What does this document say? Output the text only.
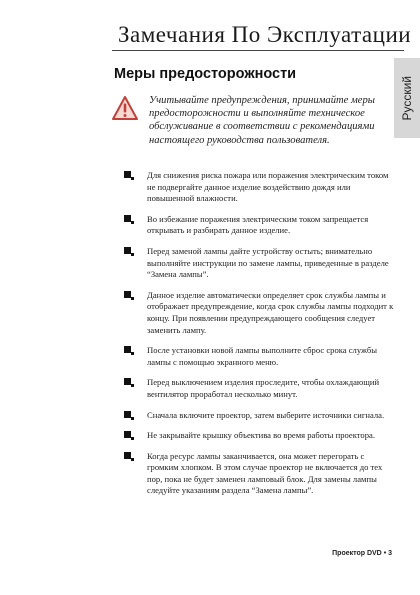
Замечания По Эксплуатации
Русский
Меры предосторожности
Учитывайте предупреждения, принимайте меры предосторожности и выполняйте техническое обслуживание в соответствии с рекомендациями настоящего руководства пользователя.
Для снижения риска пожара или поражения электрическим током не подвергайте данное изделие воздействию дождя или повышенной влажности.
Во избежание поражения электрическим током запрещается открывать и разбирать данное изделие.
Перед заменой лампы дайте устройству остыть; внимательно выполняйте инструкции по замене лампы, приведенные в разделе “Замена лампы”.
Данное изделие автоматически определяет срок службы лампы и отображает предупреждение, когда срок службы лампы подходит к концу. При появлении предупреждающего сообщения следует заменить лампу.
После установки новой лампы выполните сброс срока службы лампы с помощью экранного меню.
Перед выключением изделия проследите, чтобы охлаждающий вентилятор проработал несколько минут.
Сначала включите проектор, затем выберите источники сигнала.
Не закрывайте крышку объектива во время работы проектора.
Когда ресурс лампы заканчивается, она может перегорать с громким хлопком. В этом случае проектор не включается до тех пор, пока не будет заменен ламповый блок. Для замены лампы следуйте указаниям раздела “Замена лампы”.
Проектор DVD • 3
